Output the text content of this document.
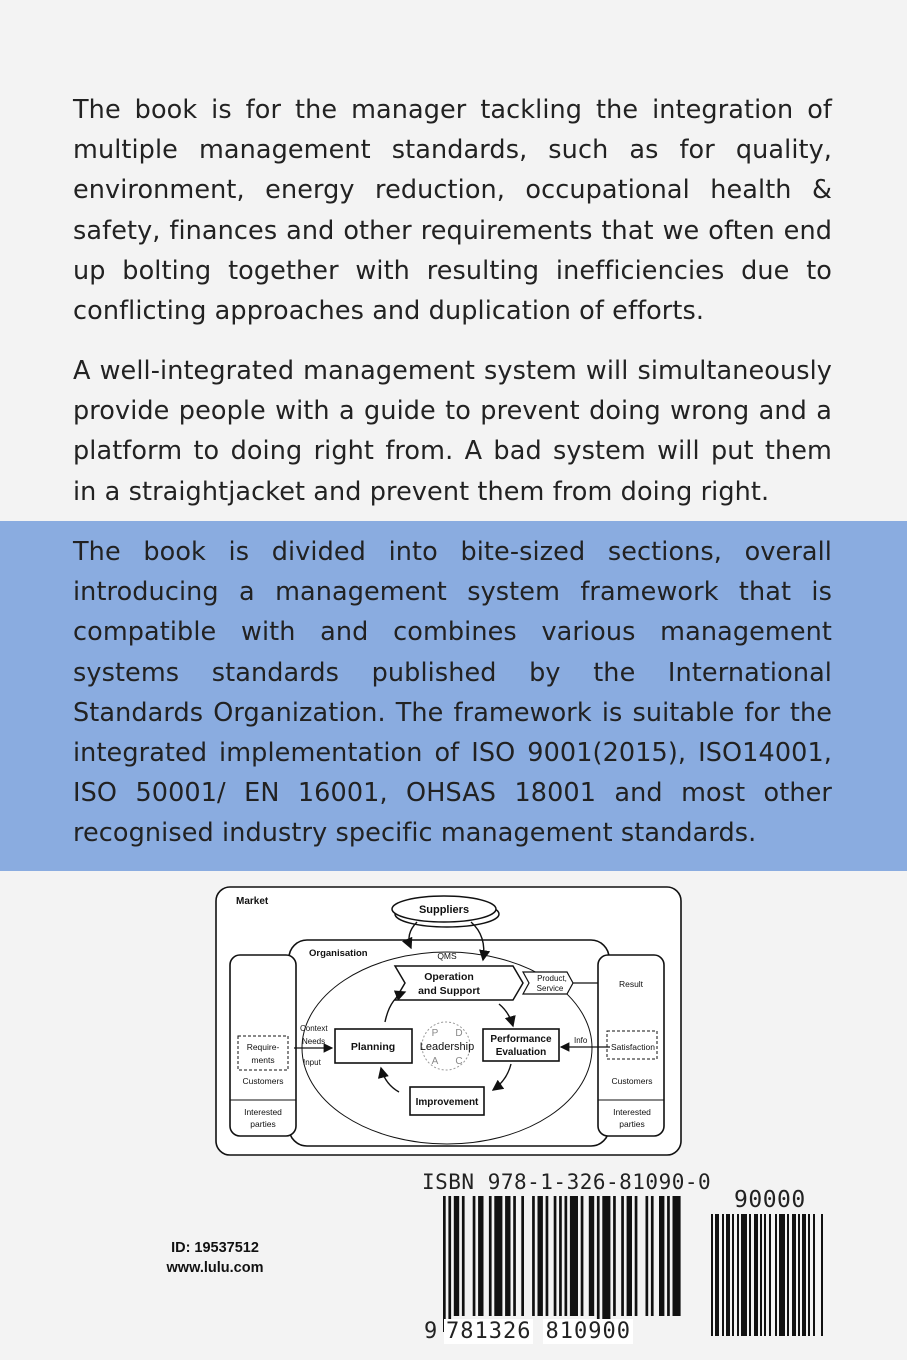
The book is for the manager tackling the integration of multiple management standards, such as for quality, environment, energy reduction, occupational health & safety, finances and other requirements that we often end up bolting together with resulting inefficiencies due to conflicting approaches and duplication of efforts.
A well-integrated management system will simultaneously provide people with a guide to prevent doing wrong and a platform to doing right from. A bad system will put them in a straightjacket and prevent them from doing right.
The book is divided into bite-sized sections, overall introducing a management system framework that is compatible with and combines various management systems standards published by the International Standards Organization. The framework is suitable for the integrated implementation of ISO 9001(2015), ISO14001, ISO 50001/ EN 16001, OHSAS 18001 and most other recognised industry specific management standards.
Market
Suppliers
Organisation	QMS
Operation
and Support
Product,
Service
Require-
ments
Customers
Interested
parties
Result
Satisfaction
Customers
Interested
parties
Context
Needs
Input
Planning
P D
A C
Leadership
Performance
Evaluation
Info
Improvement
ID: 19537512
www.lulu.com
ISBN 978-1-326-81090-0
90000
9 781326 810900
